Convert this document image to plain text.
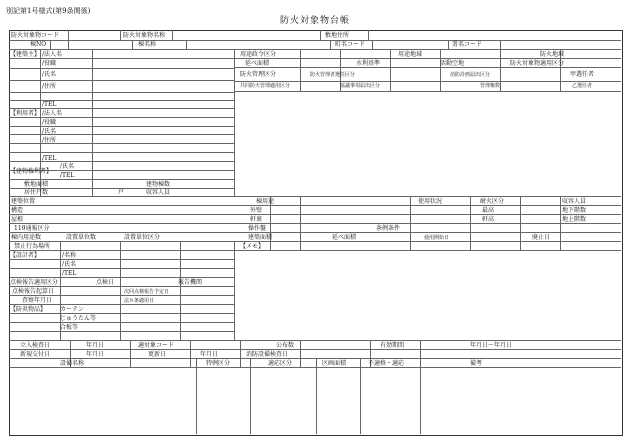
別記第1号様式(第9条関係)
防火対象物台帳
防火対象物コード	防火対象物名称	敷地住所
棟NO	棟名称	町名コード	署名コード
【建築主】 /法人名
/役職
/氏名
/住所
/TEL
用途政令区分	用途地域	防火地域
延べ面積	水利基準	活動空地	防火対象物適用区分
防火管理区分	防火管理者選任区分	消防計画届出区分	甲選任者
共同防火管理適用区分	協議事項届出区分	管理権数	乙選任者
【利用者】 /法人名
/役職
/氏名
/住所
/TEL
【建物権利者】
/氏名
/TEL
敷地面積	建物棟数
居住戸数	戸	収容人員
建築位置	棟用途	使用状況	耐火区分	収容人員
構造	外壁	最高	地下階数
屋根	軒裏	軒高	地上階数
119通報区分	操作盤	条例条件
棟内用途数	設置単位数	設置単位区分	建築面積	延べ面積	使用開始日	廃止日
禁止行為場所	【メモ】
【設計者】	/名称
/氏名
/TEL
点検報告適用区分	点検日	報告機関
点検報告起算日	次回点検報告予定日
査察年月日	法８条適用日
【防炎物品】 カーテン
じゅうたん等
合板等
立入検査日	年月日	適対象コード	公布数	有効期間	年月日〜年月日
新規交付日	年月日	更新日	年月日	消防設備検査日
設備名称	特例区分	適応区分	区画面積	不適格・適応	備考
